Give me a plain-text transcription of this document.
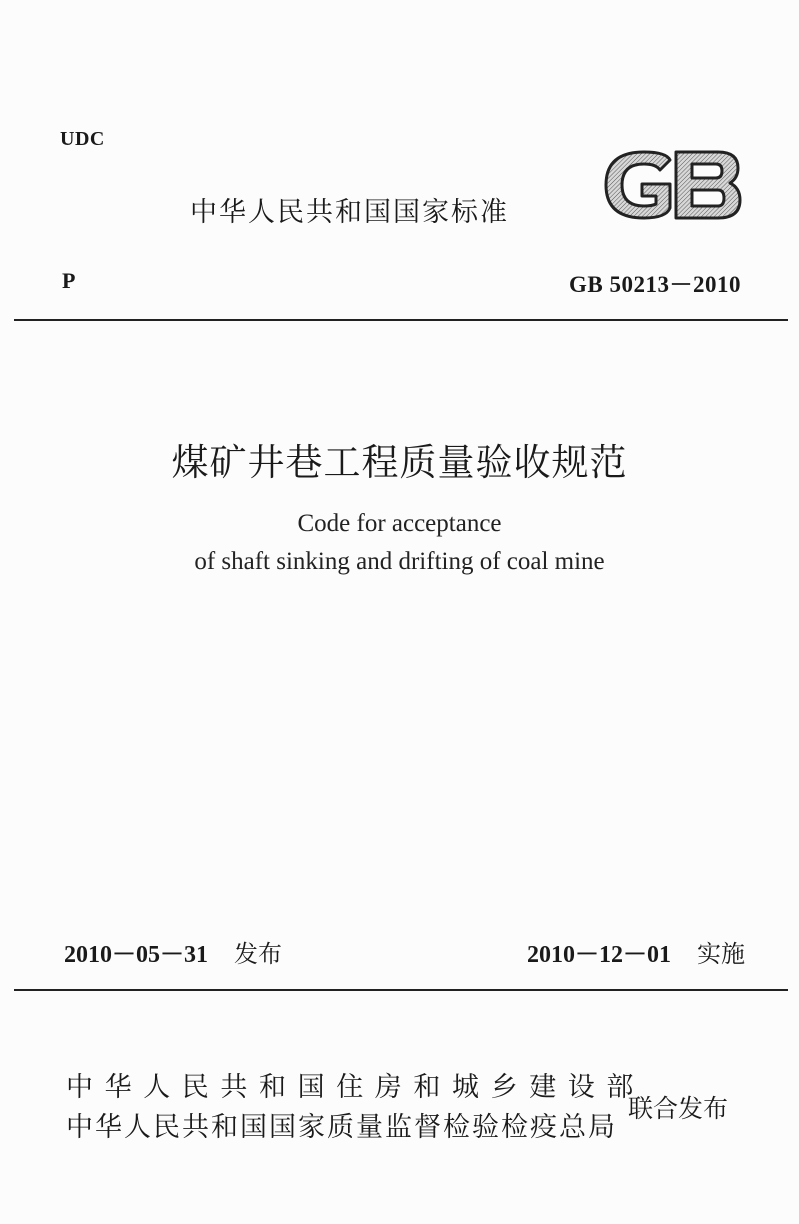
UDC
中华人民共和国国家标准
P	GB 50213－2010
煤矿井巷工程质量验收规范
Code for acceptance
of shaft sinking and drifting of coal mine
2010－05－31 发布	2010－12－01 实施
中华人民共和国住房和城乡建设部
中华人民共和国国家质量监督检验检疫总局
联合发布
